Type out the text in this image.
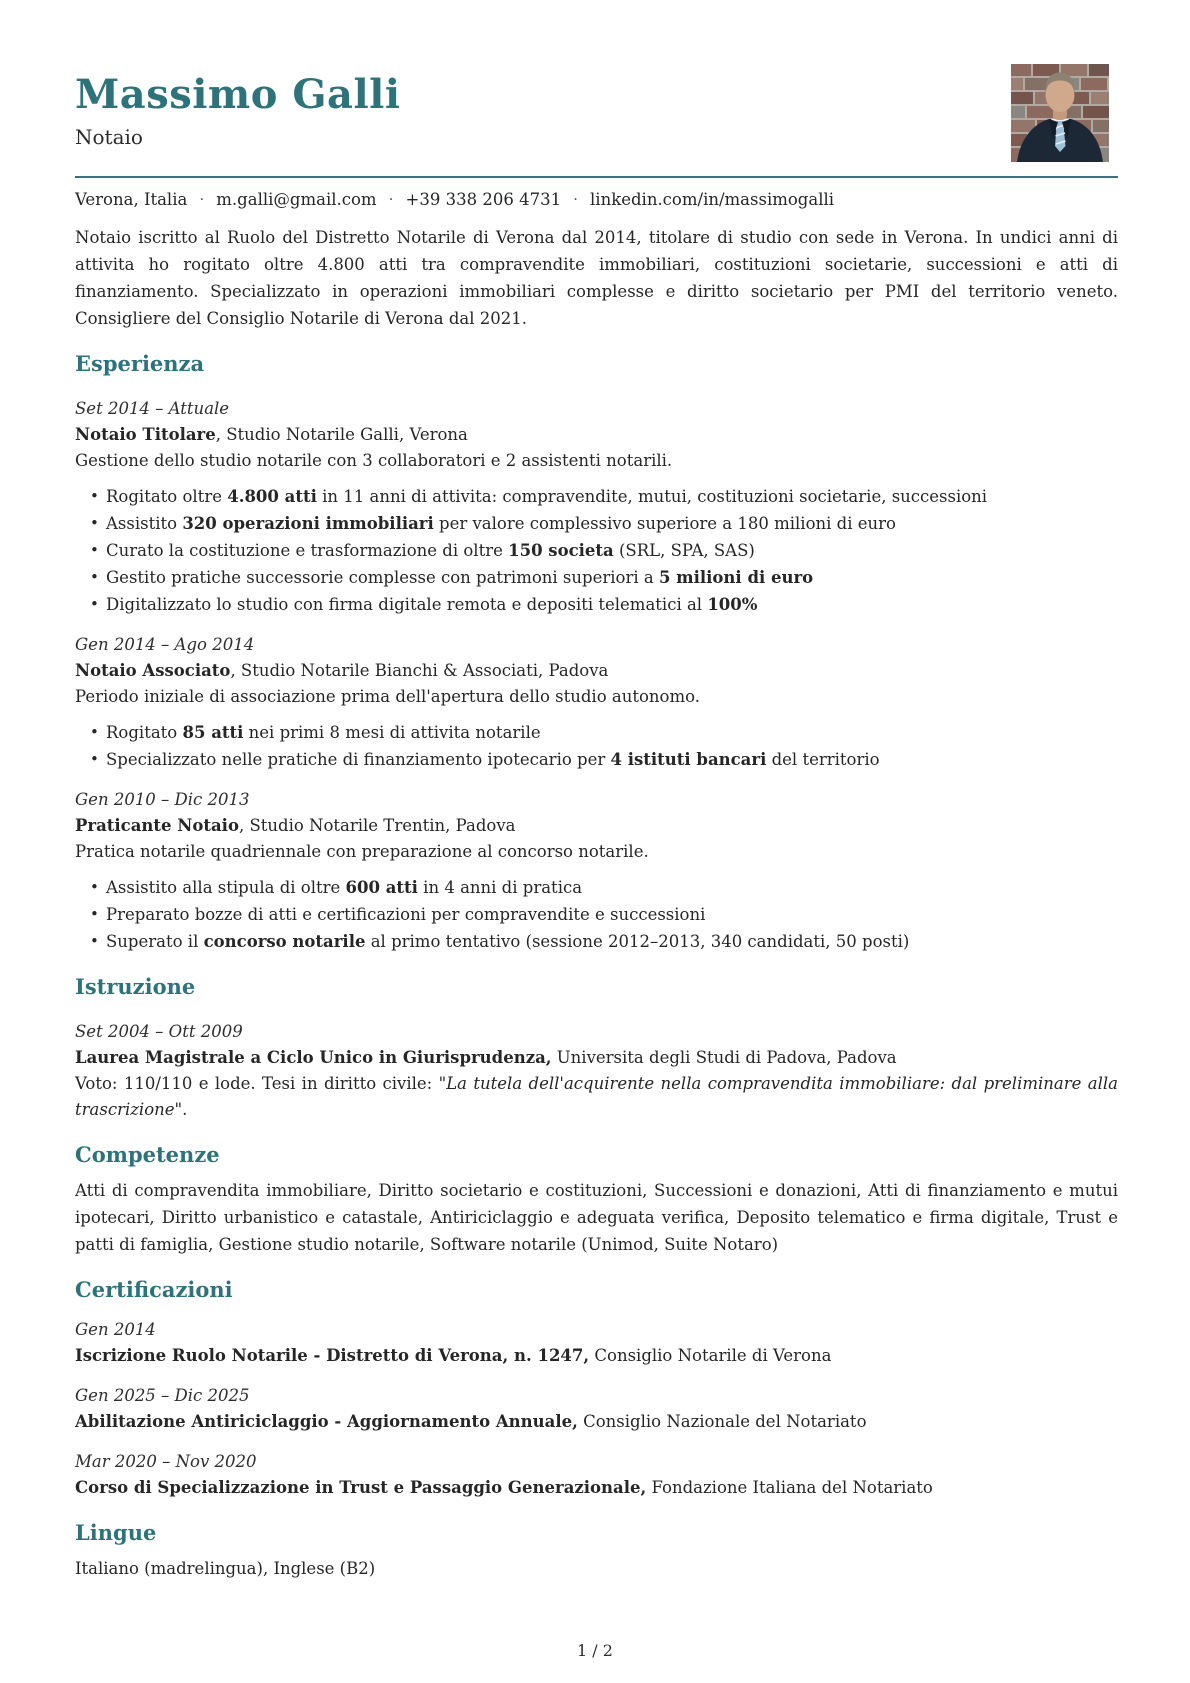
Massimo Galli
Notaio
Verona, Italia · m.galli@gmail.com · +39 338 206 4731 · linkedin.com/in/massimogalli

Notaio iscritto al Ruolo del Distretto Notarile di Verona dal 2014, titolare di studio con sede in Verona. In undici anni di attivita ho rogitato oltre 4.800 atti tra compravendite immobiliari, costituzioni societarie, successioni e atti di finanziamento. Specializzato in operazioni immobiliari complesse e diritto societario per PMI del territorio veneto. Consigliere del Consiglio Notarile di Verona dal 2021.

Esperienza
Set 2014 – Attuale
Notaio Titolare, Studio Notarile Galli, Verona
Gestione dello studio notarile con 3 collaboratori e 2 assistenti notarili.
• Rogitato oltre 4.800 atti in 11 anni di attivita: compravendite, mutui, costituzioni societarie, successioni
• Assistito 320 operazioni immobiliari per valore complessivo superiore a 180 milioni di euro
• Curato la costituzione e trasformazione di oltre 150 societa (SRL, SPA, SAS)
• Gestito pratiche successorie complesse con patrimoni superiori a 5 milioni di euro
• Digitalizzato lo studio con firma digitale remota e depositi telematici al 100%
Gen 2014 – Ago 2014
Notaio Associato, Studio Notarile Bianchi & Associati, Padova
Periodo iniziale di associazione prima dell'apertura dello studio autonomo.
• Rogitato 85 atti nei primi 8 mesi di attivita notarile
• Specializzato nelle pratiche di finanziamento ipotecario per 4 istituti bancari del territorio
Gen 2010 – Dic 2013
Praticante Notaio, Studio Notarile Trentin, Padova
Pratica notarile quadriennale con preparazione al concorso notarile.
• Assistito alla stipula di oltre 600 atti in 4 anni di pratica
• Preparato bozze di atti e certificazioni per compravendite e successioni
• Superato il concorso notarile al primo tentativo (sessione 2012–2013, 340 candidati, 50 posti)
Istruzione
Set 2004 – Ott 2009
Laurea Magistrale a Ciclo Unico in Giurisprudenza, Universita degli Studi di Padova, Padova

Voto: 110/110 e lode. Tesi in diritto civile: "La tutela dell'acquirente nella compravendita immobiliare: dal preliminare alla trascrizione".

Competenze

Atti di compravendita immobiliare, Diritto societario e costituzioni, Successioni e donazioni, Atti di finanziamento e mutui ipotecari, Diritto urbanistico e catastale, Antiriciclaggio e adeguata verifica, Deposito telematico e firma digitale, Trust e patti di famiglia, Gestione studio notarile, Software notarile (Unimod, Suite Notaro)

Certificazioni
Gen 2014
Iscrizione Ruolo Notarile - Distretto di Verona, n. 1247, Consiglio Notarile di Verona
Gen 2025 – Dic 2025
Abilitazione Antiriciclaggio - Aggiornamento Annuale, Consiglio Nazionale del Notariato
Mar 2020 – Nov 2020
Corso di Specializzazione in Trust e Passaggio Generazionale, Fondazione Italiana del Notariato
Lingue

Italiano (madrelingua), Inglese (B2)

1 / 2
